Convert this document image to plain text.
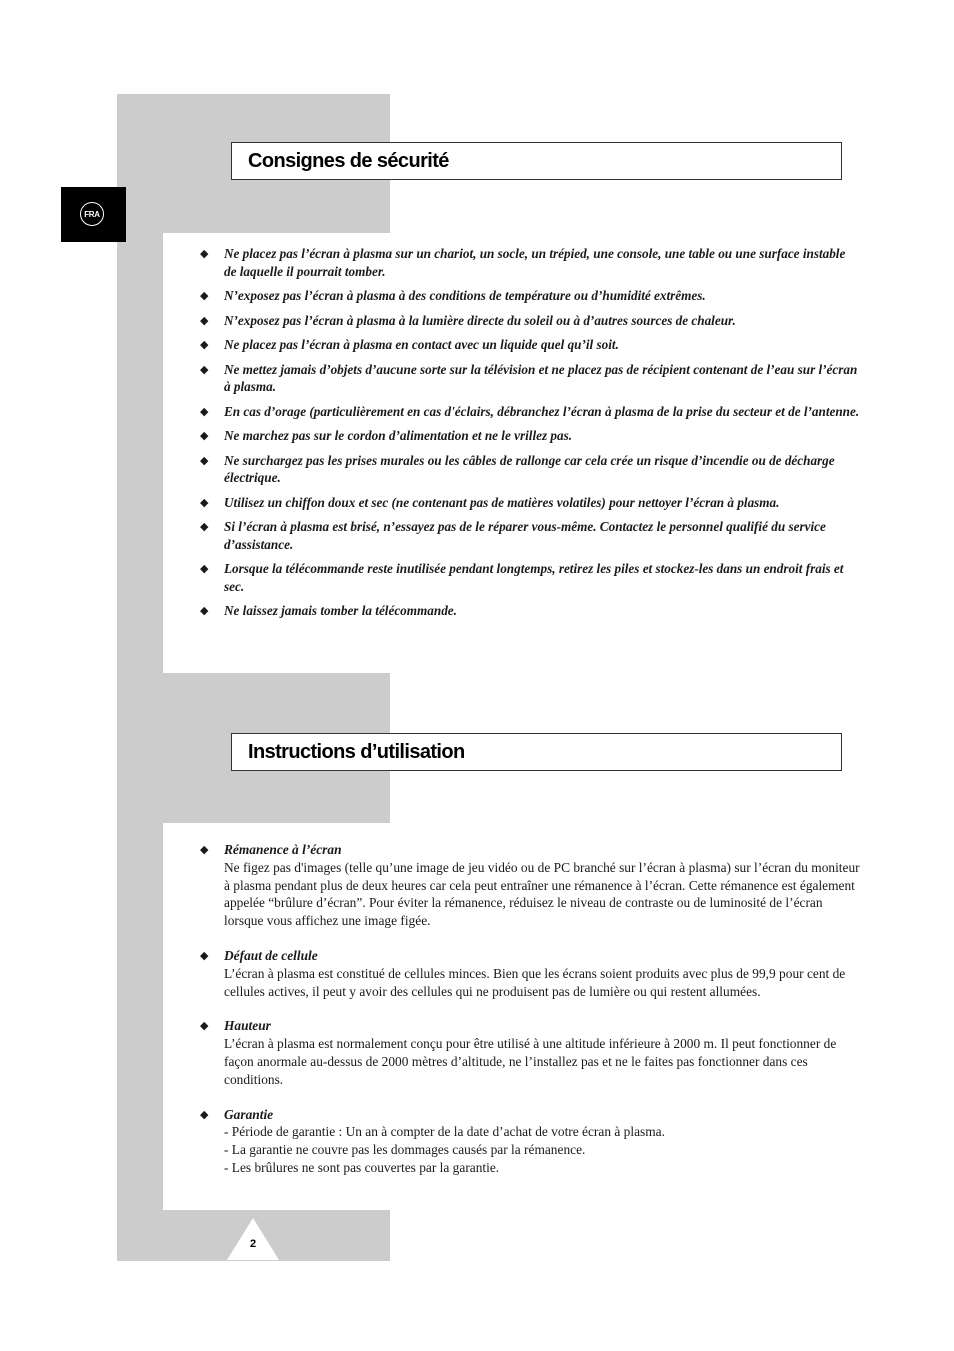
FRA
Consignes de sécurité
◆ Ne placez pas l’écran à plasma sur un chariot, un socle, un trépied, une console, une table ou une surface instable de laquelle il pourrait tomber.
◆ N’exposez pas l’écran à plasma à des conditions de température ou d’humidité extrêmes.
◆ N’exposez pas l’écran à plasma à la lumière directe du soleil ou à d’autres sources de chaleur.
◆ Ne placez pas l’écran à plasma en contact avec un liquide quel qu’il soit.
◆ Ne mettez jamais d’objets d’aucune sorte sur la télévision et ne placez pas de récipient contenant de l’eau sur l’écran à plasma.
◆ En cas d’orage (particulièrement en cas d'éclairs, débranchez l’écran à plasma de la prise du secteur et de l’antenne.
◆ Ne marchez pas sur le cordon d’alimentation et ne le vrillez pas.
◆ Ne surchargez pas les prises murales ou les câbles de rallonge car cela crée un risque d’incendie ou de décharge électrique.
◆ Utilisez un chiffon doux et sec (ne contenant pas de matières volatiles) pour nettoyer l’écran à plasma.
◆ Si l’écran à plasma est brisé, n’essayez pas de le réparer vous-même. Contactez le personnel qualifié du service d’assistance.
◆ Lorsque la télécommande reste inutilisée pendant longtemps, retirez les piles et stockez-les dans un endroit frais et sec.
◆ Ne laissez jamais tomber la télécommande.
Instructions d’utilisation
◆ Rémanence à l’écran
Ne figez pas d'images (telle qu’une image de jeu vidéo ou de PC branché sur l’écran à plasma) sur l’écran du moniteur à plasma pendant plus de deux heures car cela peut entraîner une rémanence à l’écran. Cette rémanence est également appelée “brûlure d’écran”. Pour éviter la rémanence, réduisez le niveau de contraste ou de luminosité de l’écran lorsque vous affichez une image figée.
◆ Défaut de cellule
L’écran à plasma est constitué de cellules minces. Bien que les écrans soient produits avec plus de 99,9 pour cent de cellules actives, il peut y avoir des cellules qui ne produisent pas de lumière ou qui restent allumées.
◆ Hauteur
L’écran à plasma est normalement conçu pour être utilisé à une altitude inférieure à 2000 m. Il peut fonctionner de façon anormale au-dessus de 2000 mètres d’altitude, ne l’installez pas et ne le faites pas fonctionner dans ces conditions.
◆ Garantie
- Période de garantie : Un an à compter de la date d’achat de votre écran à plasma.
- La garantie ne couvre pas les dommages causés par la rémanence.
- Les brûlures ne sont pas couvertes par la garantie.
2
